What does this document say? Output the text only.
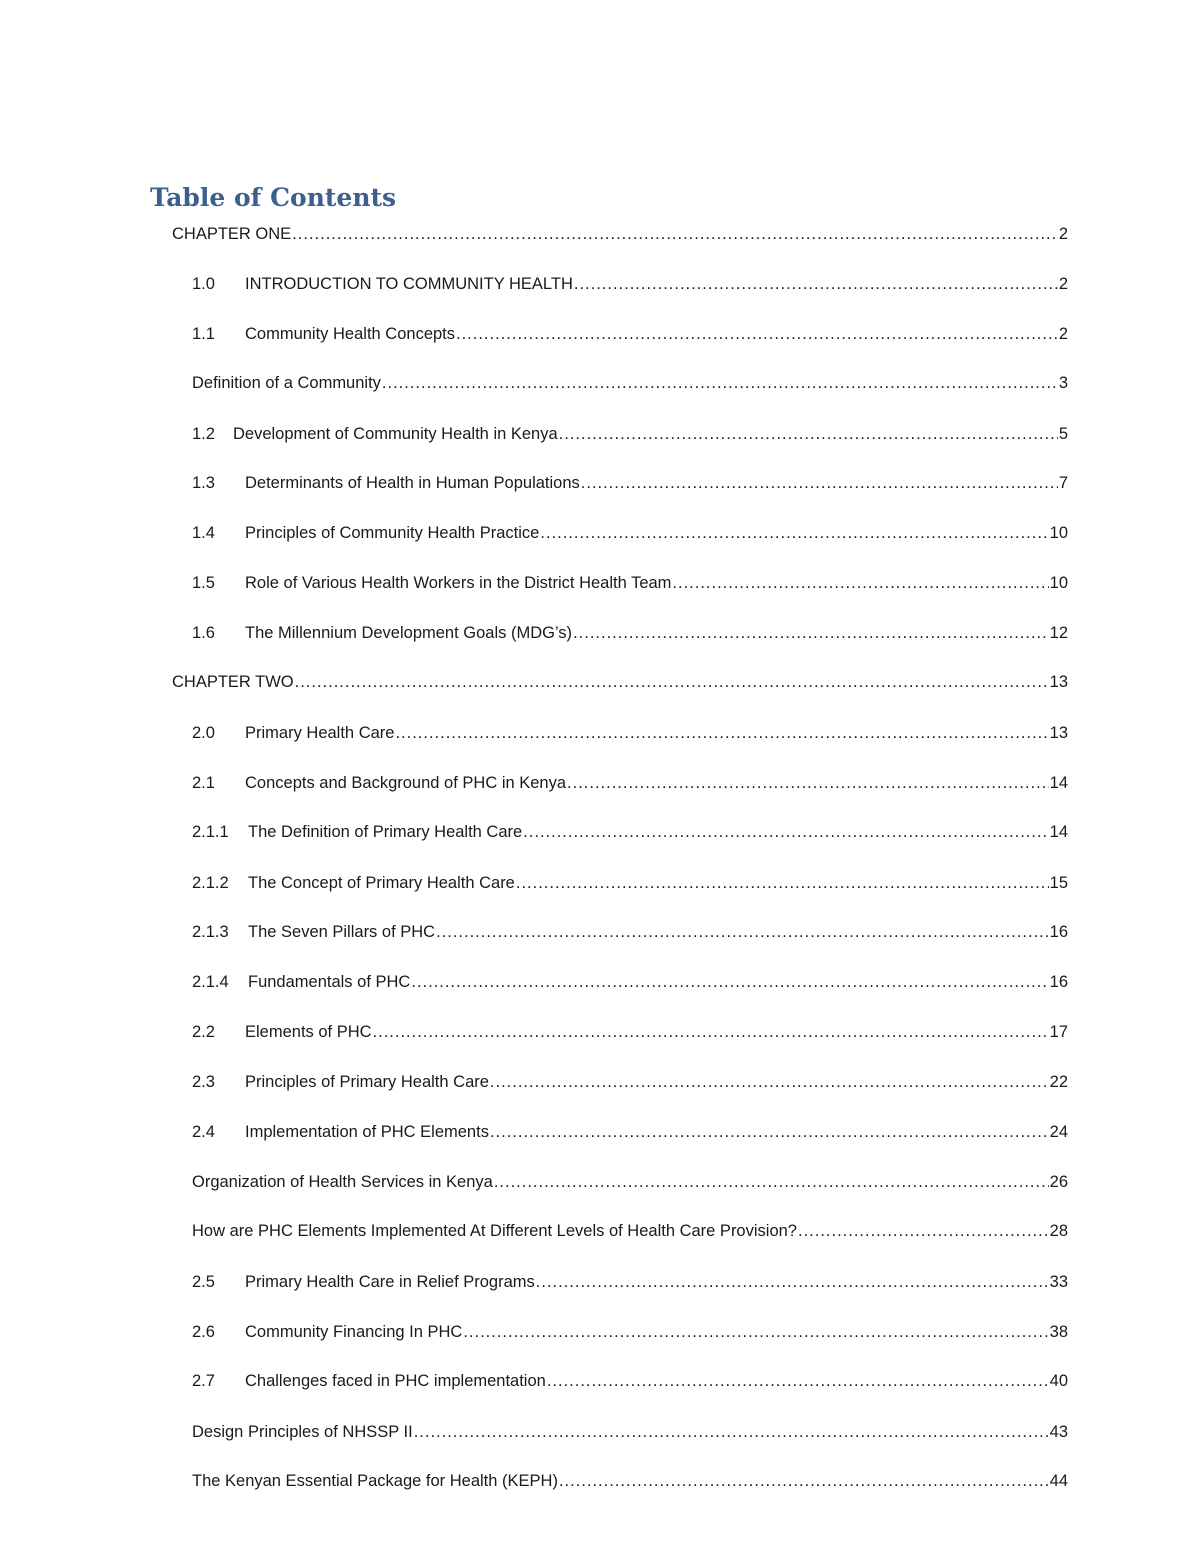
Table of Contents
CHAPTER ONE .....	2
1.0	INTRODUCTION TO COMMUNITY HEALTH .....	2
1.1	Community Health Concepts .....	2
Definition of a Community .....	3
1.2	Development of Community Health in Kenya .....	5
1.3	Determinants of Health in Human Populations .....	7
1.4	Principles of Community Health Practice .....	10
1.5	Role of Various Health Workers in the District Health Team .....	10
1.6	The Millennium Development Goals (MDG’s) .....	12
CHAPTER TWO .....	13
2.0	Primary Health Care .....	13
2.1	Concepts and Background of PHC in Kenya .....	14
2.1.1	The Definition of Primary Health Care .....	14
2.1.2	The Concept of Primary Health Care .....	15
2.1.3	The Seven Pillars of PHC .....	16
2.1.4	Fundamentals of PHC .....	16
2.2	Elements of PHC .....	17
2.3	Principles of Primary Health Care .....	22
2.4	Implementation of PHC Elements .....	24
Organization of Health Services in Kenya .....	26
How are PHC Elements Implemented At Different Levels of Health Care Provision? .....	28
2.5	Primary Health Care in Relief Programs .....	33
2.6	Community Financing In PHC .....	38
2.7	Challenges faced in PHC implementation .....	40
Design Principles of NHSSP II .....	43
The Kenyan Essential Package for Health (KEPH) .....	44
